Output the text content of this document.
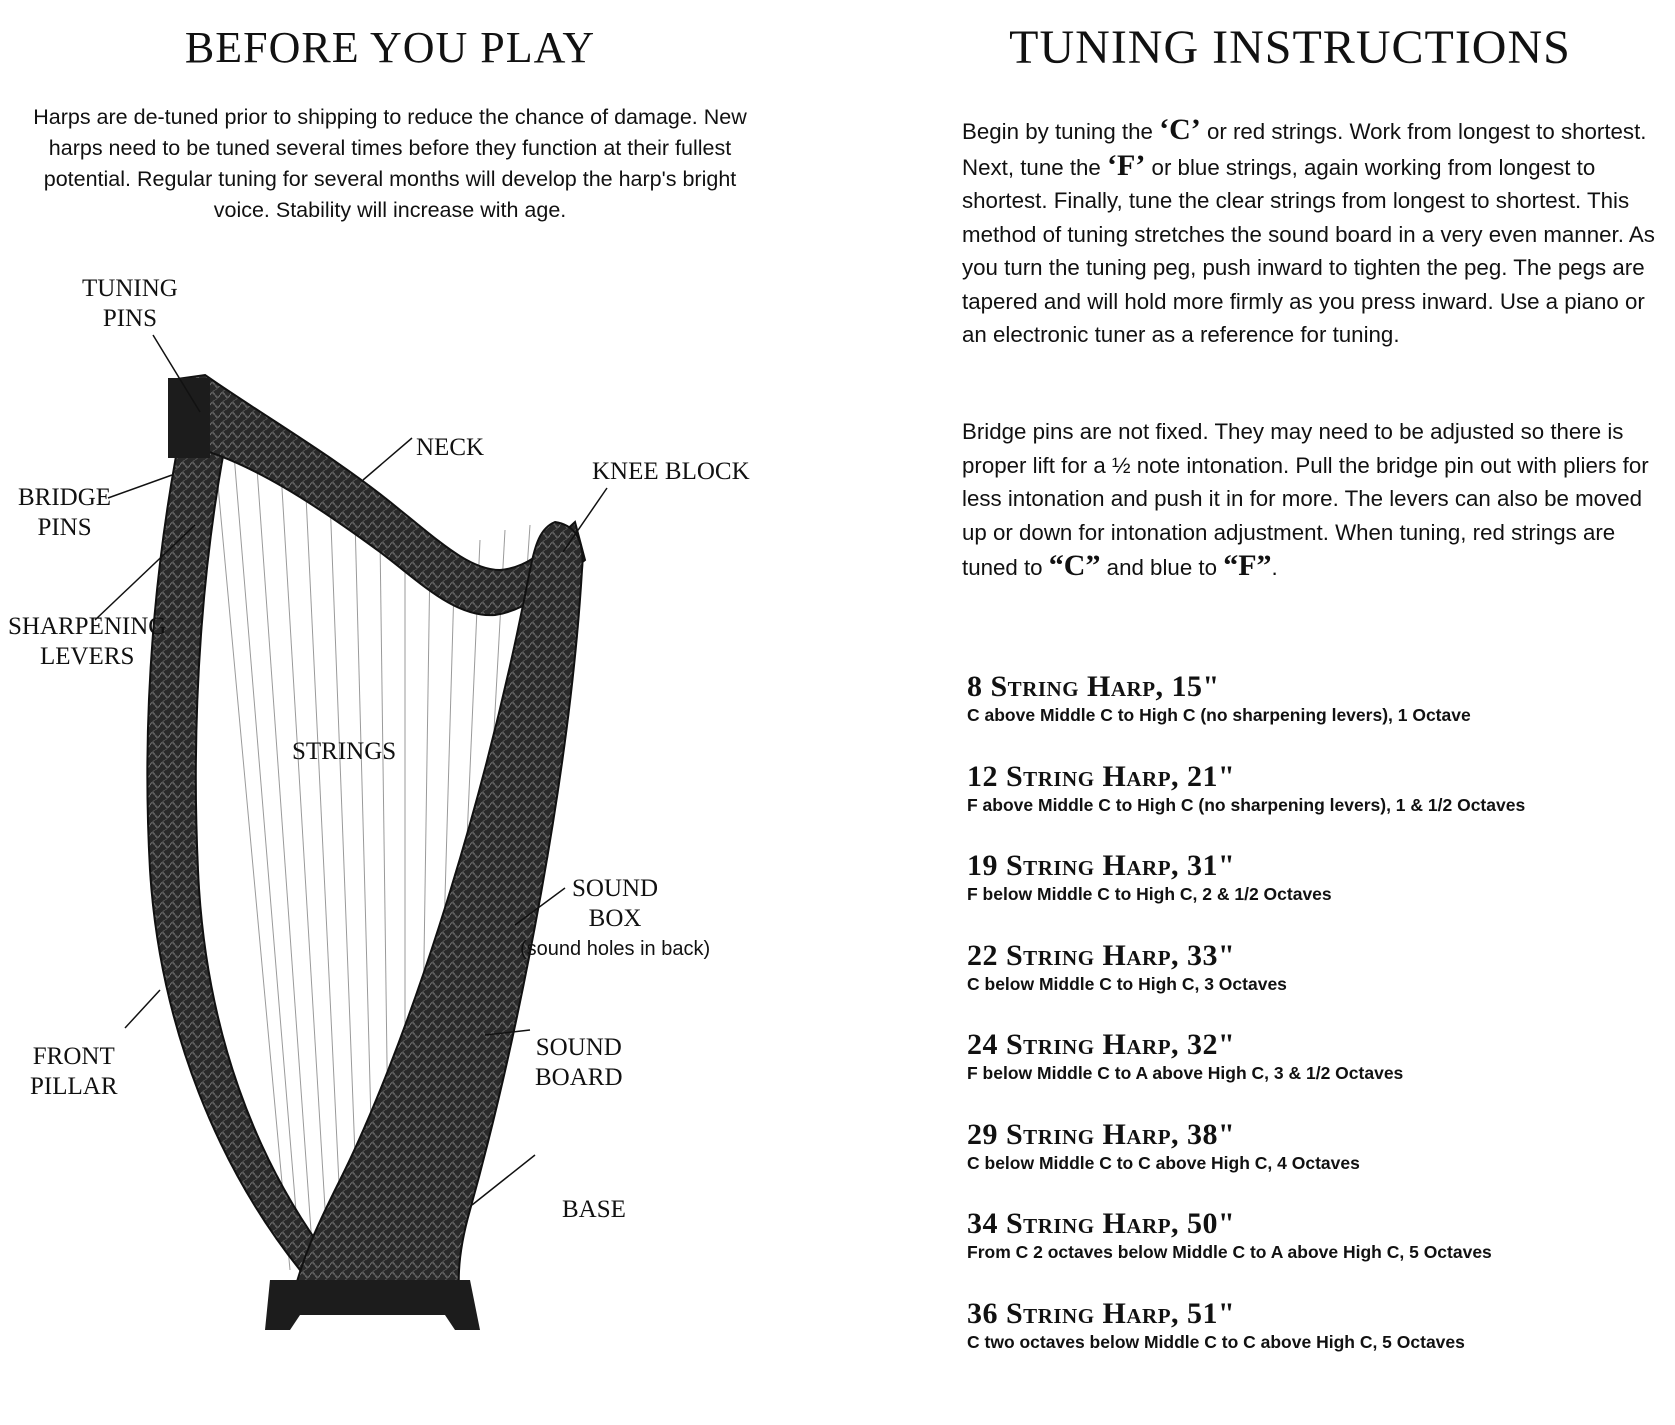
BEFORE YOU PLAY

Harps are de-tuned prior to shipping to reduce the chance of damage. New harps need to be tuned several times before they function at their fullest potential. Regular tuning for several months will develop the harp's bright voice. Stability will increase with age.

TUNING
PINS
NECK
KNEE BLOCK
BRIDGE
PINS
SHARPENING
LEVERS
STRINGS
SOUND
BOX
(sound holes in back)
FRONT
PILLAR
SOUND
BOARD
BASE
TUNING INSTRUCTIONS

Begin by tuning the ‘C’ or red strings. Work from longest to shortest. Next, tune the ‘F’ or blue strings, again working from longest to shortest. Finally, tune the clear strings from longest to shortest. This method of tuning stretches the sound board in a very even manner. As you turn the tuning peg, push inward to tighten the peg. The pegs are tapered and will hold more firmly as you press inward. Use a piano or an electronic tuner as a reference for tuning.

Bridge pins are not fixed. They may need to be adjusted so there is proper lift for a ½ note intonation. Pull the bridge pin out with pliers for less intonation and push it in for more. The levers can also be moved up or down for intonation adjustment. When tuning, red strings are tuned to “C” and blue to “F”.

8 String Harp, 15"
C above Middle C to High C (no sharpening levers), 1 Octave
12 String Harp, 21"
F above Middle C to High C (no sharpening levers), 1 & 1/2 Octaves
19 String Harp, 31"
F below Middle C to High C, 2 & 1/2 Octaves
22 String Harp, 33"
C below Middle C to High C, 3 Octaves
24 String Harp, 32"
F below Middle C to A above High C, 3 & 1/2 Octaves
29 String Harp, 38"
C below Middle C to C above High C, 4 Octaves
34 String Harp, 50"
From C 2 octaves below Middle C to A above High C, 5 Octaves
36 String Harp, 51"
C two octaves below Middle C to C above High C, 5 Octaves
